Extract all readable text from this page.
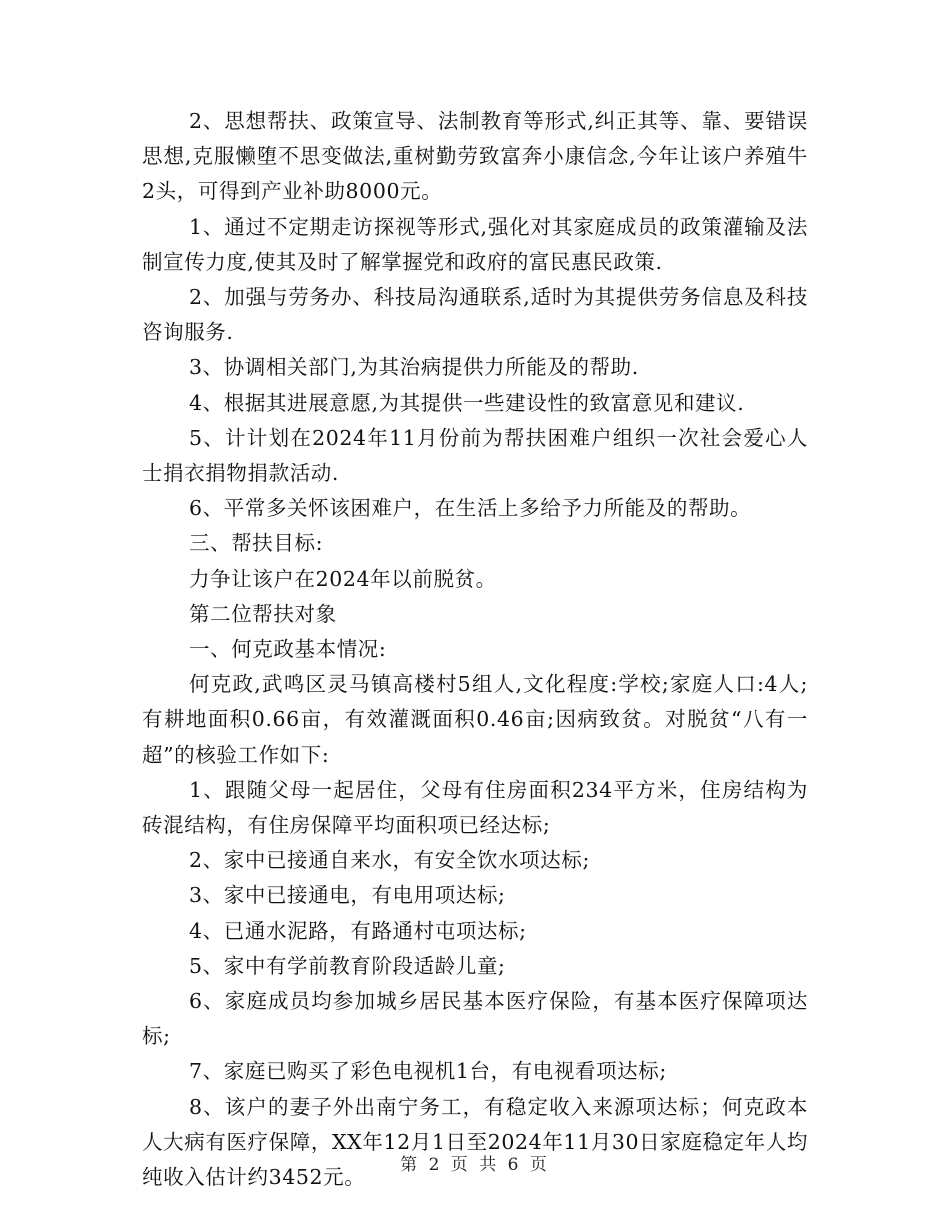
2、思想帮扶、政策宣导、法制教育等形式,纠正其等、靠、要错误思想,克服懒堕不思变做法,重树勤劳致富奔小康信念,今年让该户养殖牛2头，可得到产业补助8000元。

1、通过不定期走访探视等形式,强化对其家庭成员的政策灌输及法制宣传力度,使其及时了解掌握党和政府的富民惠民政策.

2、加强与劳务办、科技局沟通联系,适时为其提供劳务信息及科技咨询服务.

3、协调相关部门,为其治病提供力所能及的帮助.

4、根据其进展意愿,为其提供一些建设性的致富意见和建议.

5、计计划在2024年11月份前为帮扶困难户组织一次社会爱心人士捐衣捐物捐款活动.

6、平常多关怀该困难户，在生活上多给予力所能及的帮助。

三、帮扶目标:

力争让该户在2024年以前脱贫。

第二位帮扶对象

一、何克政基本情况:

何克政,武鸣区灵马镇高楼村5组人,文化程度:学校;家庭人口:4人;有耕地面积0.66亩，有效灌溉面积0.46亩;因病致贫。对脱贫“八有一超”的核验工作如下:

1、跟随父母一起居住，父母有住房面积234平方米，住房结构为砖混结构，有住房保障平均面积项已经达标;

2、家中已接通自来水，有安全饮水项达标;

3、家中已接通电，有电用项达标;

4、已通水泥路，有路通村屯项达标;

5、家中有学前教育阶段适龄儿童;

6、家庭成员均参加城乡居民基本医疗保险，有基本医疗保障项达标;

7、家庭已购买了彩色电视机1台，有电视看项达标;

8、该户的妻子外出南宁务工，有稳定收入来源项达标；何克政本人大病有医疗保障，XX年12月1日至2024年11月30日家庭稳定年人均纯收入估计约3452元。

第 2 页 共 6 页
